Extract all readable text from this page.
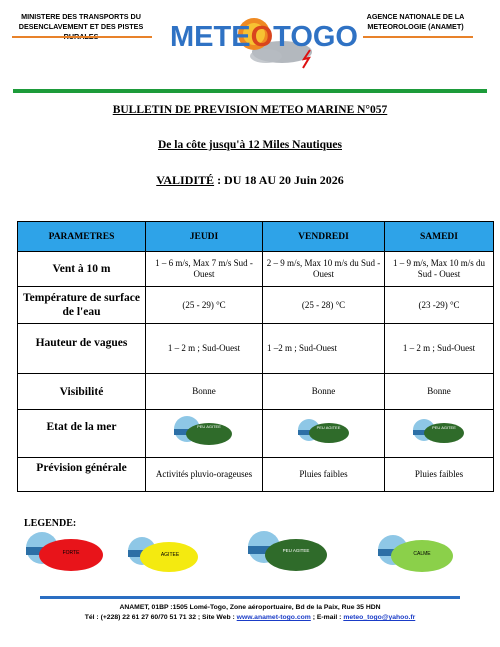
MINISTERE DES TRANSPORTS DU DESENCLAVEMENT ET DES PISTES
AGENCE NATIONALE DE LA METEOROLOGIE (ANAMET)
METEOTOGO
BULLETIN DE PREVISION METEO MARINE N°057
De la côte jusqu'à 12 Miles Nautiques
VALIDITÉ : DU 18 AU 20 Juin 2026
PARAMETRES	JEUDI	VENDREDI	SAMEDI
Vent à 10 m	1 – 6 m/s, Max 7 m/s Sud - Ouest	2 – 9 m/s, Max 10 m/s du Sud - Ouest	1 – 9 m/s, Max 10 m/s du Sud - Ouest
Température de surface de l'eau	(25 - 29) °C	(25 - 28) °C	(23 -29) °C
Hauteur de vagues	1 – 2 m ; Sud-Ouest	1 –2 m ; Sud-Ouest	1 – 2 m ; Sud-Ouest
Visibilité	Bonne	Bonne	Bonne
Etat de la mer	PEU AGITEE	PEU AGITEE	PEU AGITEE

Prévision générale	Activités pluvio-orageuses	Pluies faibles	Pluies faibles
LEGENDE:
FORTE	AGITEE
PEU AGITEE
CALME
ANAMET, 01BP :1505 Lomé-Togo, Zone aéroportuaire, Bd de la Paix, Rue 35 HDN
Tél : (+228) 22 61 27 60/70 51 71 32 ; Site Web : www.anamet-togo.com ; E-mail : meteo_togo@yahoo.fr
